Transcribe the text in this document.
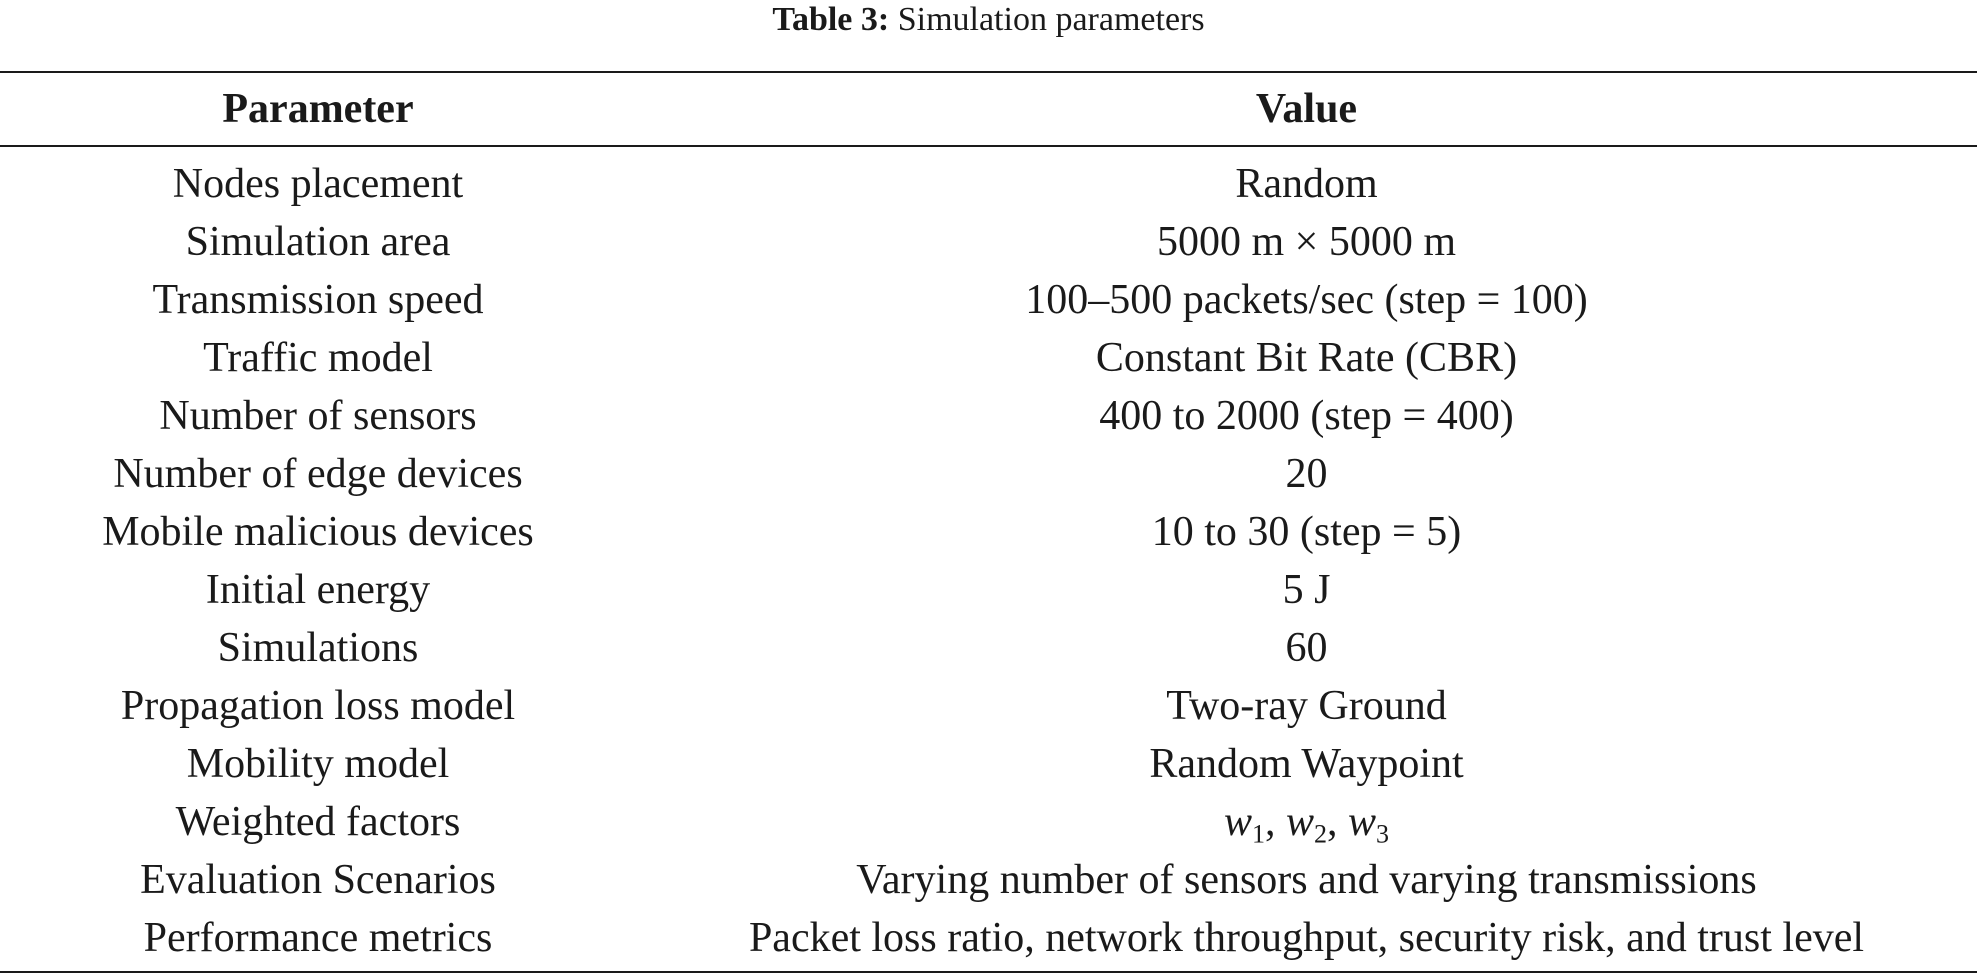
Table 3: Simulation parameters
Parameter	Value
Nodes placement	Random
Simulation area	5000 m × 5000 m
Transmission speed	100–500 packets/sec (step = 100)
Traffic model	Constant Bit Rate (CBR)
Number of sensors	400 to 2000 (step = 400)
Number of edge devices	20
Mobile malicious devices	10 to 30 (step = 5)
Initial energy	5 J
Simulations	60
Propagation loss model	Two-ray Ground
Mobility model	Random Waypoint
Weighted factors	$w_1$, $w_2$, $w_3$
Evaluation Scenarios	Varying number of sensors and varying transmissions
Performance metrics	Packet loss ratio, network throughput, security risk, and trust level
